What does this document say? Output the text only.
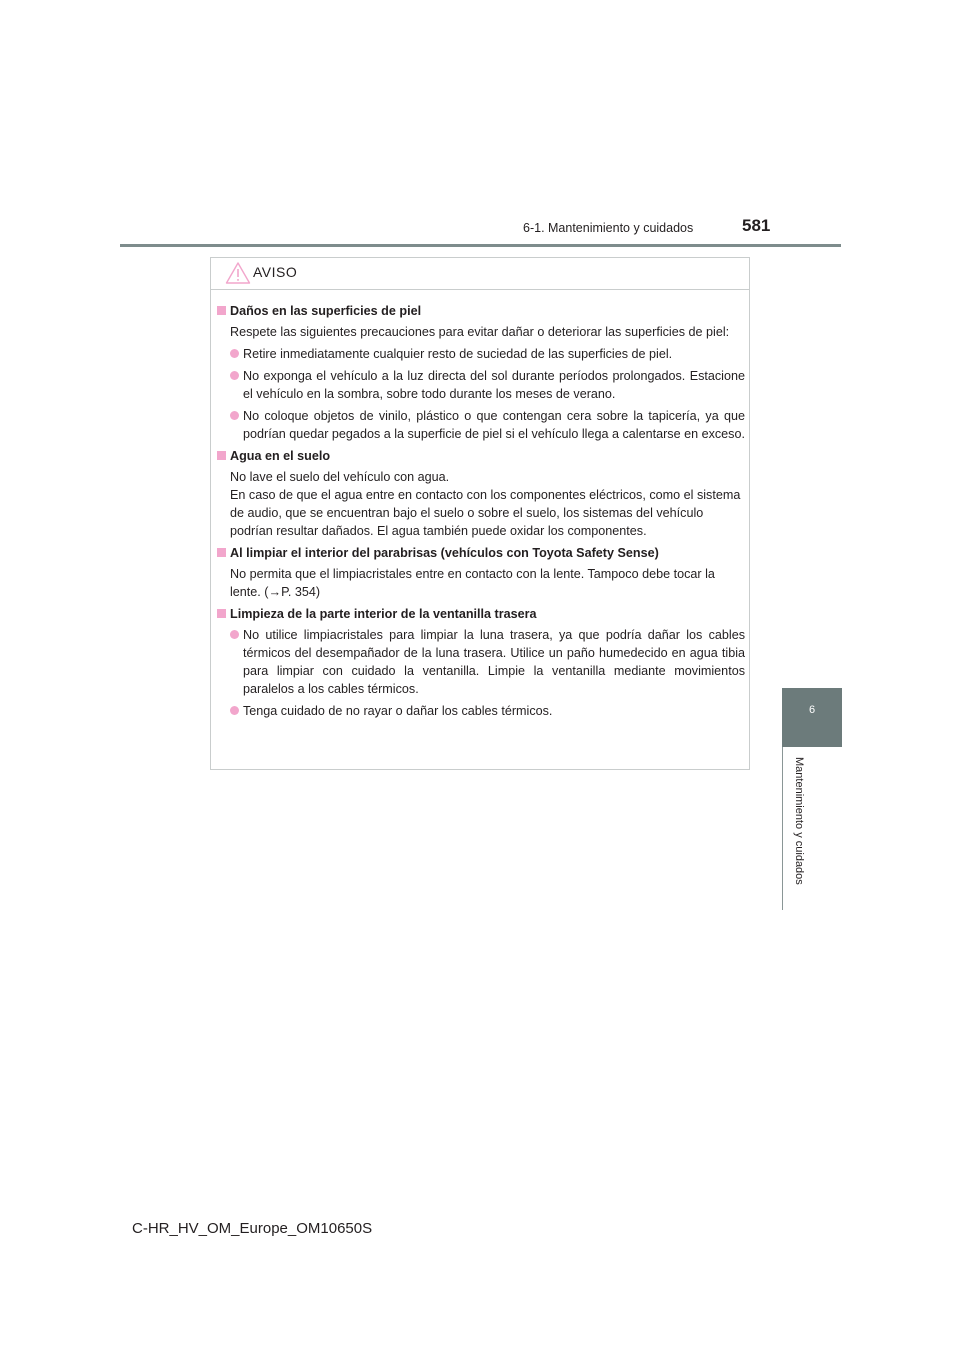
6-1. Mantenimiento y cuidados	581
6
Mantenimiento y cuidados
AVISO
Daños en las superficies de piel
Respete las siguientes precauciones para evitar dañar o deteriorar las superficies de piel:
Retire inmediatamente cualquier resto de suciedad de las superficies de piel.
No exponga el vehículo a la luz directa del sol durante períodos prolongados. Estacione el vehículo en la sombra, sobre todo durante los meses de verano.
No coloque objetos de vinilo, plástico o que contengan cera sobre la tapicería, ya que podrían quedar pegados a la superficie de piel si el vehículo llega a calentarse en exceso.
Agua en el suelo
No lave el suelo del vehículo con agua.
En caso de que el agua entre en contacto con los componentes eléctricos, como el sistema de audio, que se encuentran bajo el suelo o sobre el suelo, los sistemas del vehículo podrían resultar dañados. El agua también puede oxidar los componentes.
Al limpiar el interior del parabrisas (vehículos con Toyota Safety Sense)
No permita que el limpiacristales entre en contacto con la lente. Tampoco debe tocar la lente. (→P. 354)
Limpieza de la parte interior de la ventanilla trasera
No utilice limpiacristales para limpiar la luna trasera, ya que podría dañar los cables térmicos del desempañador de la luna trasera. Utilice un paño humedecido en agua tibia para limpiar con cuidado la ventanilla. Limpie la ventanilla mediante movimientos paralelos a los cables térmicos.
Tenga cuidado de no rayar o dañar los cables térmicos.
C-HR_HV_OM_Europe_OM10650S
